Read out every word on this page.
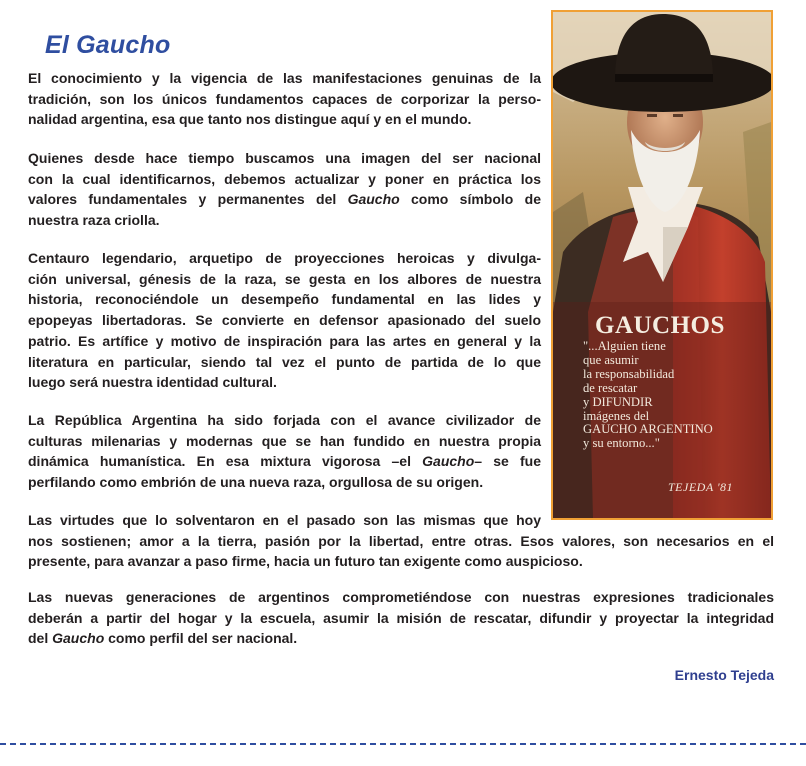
El Gaucho
El conocimiento y la vigencia de las manifestaciones genuinas de la
tradición, son los únicos fundamentos capaces de corporizar la perso-
nalidad argentina, esa que tanto nos distingue aquí y en el mundo.
Quienes desde hace tiempo buscamos una imagen del ser nacional
con la cual identificarnos, debemos actualizar y poner en práctica los
valores fundamentales y permanentes del Gaucho como símbolo de
nuestra raza criolla.
Centauro legendario, arquetipo de proyecciones heroicas y divulga-
ción universal, génesis de la raza, se gesta en los albores de nuestra
historia, reconociéndole un desempeño fundamental en las lides y
epopeyas libertadoras. Se convierte en defensor apasionado del suelo
patrio. Es artífice y motivo de inspiración para las artes en general y la
literatura en particular, siendo tal vez el punto de partida de lo que
luego será nuestra identidad cultural.
La República Argentina ha sido forjada con el avance civilizador de
culturas milenarias y modernas que se han fundido en nuestra propia
dinámica humanística. En esa mixtura vigorosa –el Gaucho– se fue
perfilando como embrión de una nueva raza, orgullosa de su origen.
Las virtudes que lo solventaron en el pasado son las mismas que hoy
nos sostienen; amor a la tierra, pasión por la libertad, entre otras. Esos valores, son necesarios en el
presente, para avanzar a paso firme, hacia un futuro tan exigente como auspicioso.
Las nuevas generaciones de argentinos comprometiéndose con nuestras expresiones tradicionales
deberán a partir del hogar y la escuela, asumir la misión de rescatar, difundir y proyectar la integridad
del Gaucho como perfil del ser nacional.
Ernesto Tejeda
GAUCHOS
"...Alguien tiene
que asumir
la responsabilidad
de rescatar
y DIFUNDIR
imágenes del
GAUCHO ARGENTINO
y su entorno..."
TEJEDA '81
